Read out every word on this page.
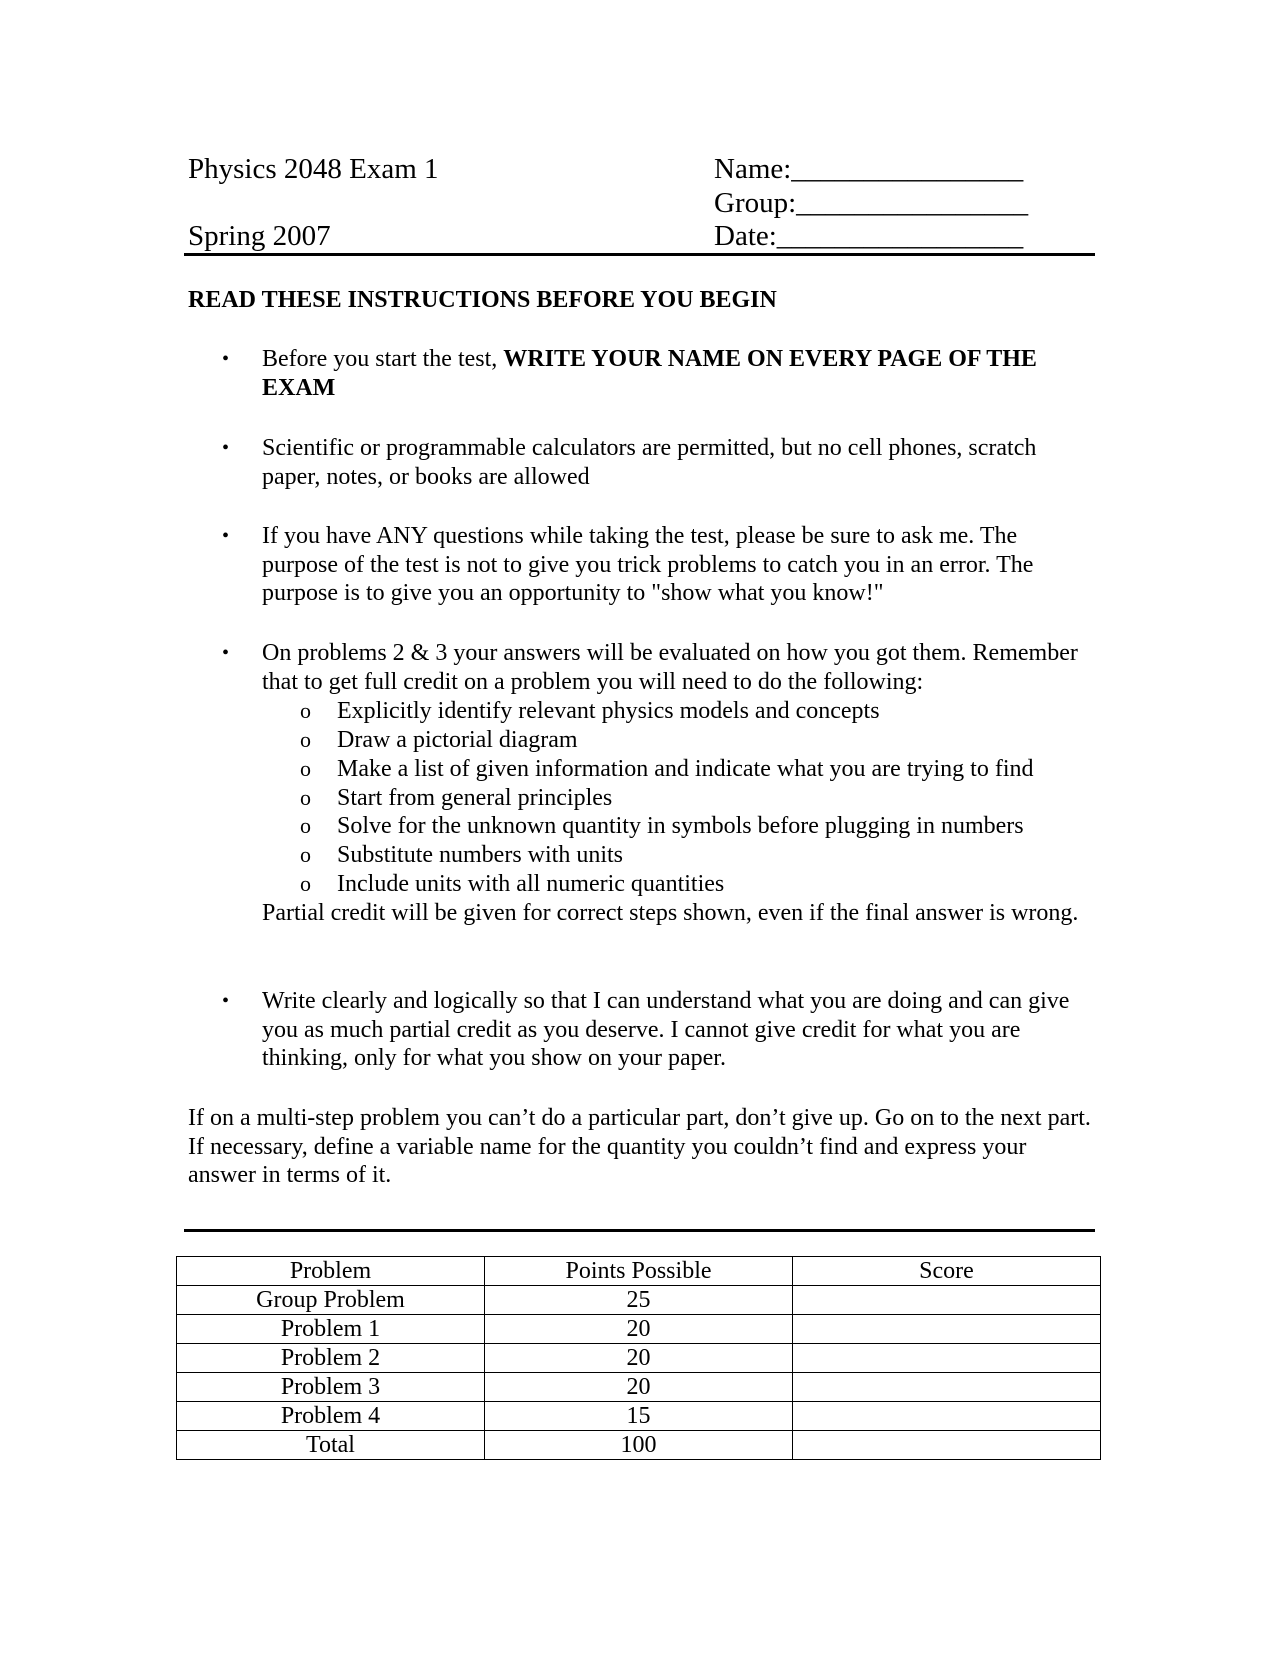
Physics 2048 Exam 1
Spring 2007
Name:________________
Group:________________
Date:_________________
READ THESE INSTRUCTIONS BEFORE YOU BEGIN
• Before you start the test, WRITE YOUR NAME ON EVERY PAGE OF THE EXAM
• Scientific or programmable calculators are permitted, but no cell phones, scratch paper, notes, or books are allowed
• If you have ANY questions while taking the test, please be sure to ask me. The purpose of the test is not to give you trick problems to catch you in an error. The purpose is to give you an opportunity to "show what you know!"
• On problems 2 & 3 your answers will be evaluated on how you got them. Remember that to get full credit on a problem you will need to do the following:
o Explicitly identify relevant physics models and concepts
o Draw a pictorial diagram
o Make a list of given information and indicate what you are trying to find
o Start from general principles
o Solve for the unknown quantity in symbols before plugging in numbers
o Substitute numbers with units
o Include units with all numeric quantities
Partial credit will be given for correct steps shown, even if the final answer is wrong.
• Write clearly and logically so that I can understand what you are doing and can give you as much partial credit as you deserve. I cannot give credit for what you are thinking, only for what you show on your paper.
If on a multi-step problem you can’t do a particular part, don’t give up. Go on to the next part. If necessary, define a variable name for the quantity you couldn’t find and express your answer in terms of it.
Problem	Points Possible	Score
Group Problem	25	
Problem 1	20	
Problem 2	20	
Problem 3	20	
Problem 4	15	
Total	100	
